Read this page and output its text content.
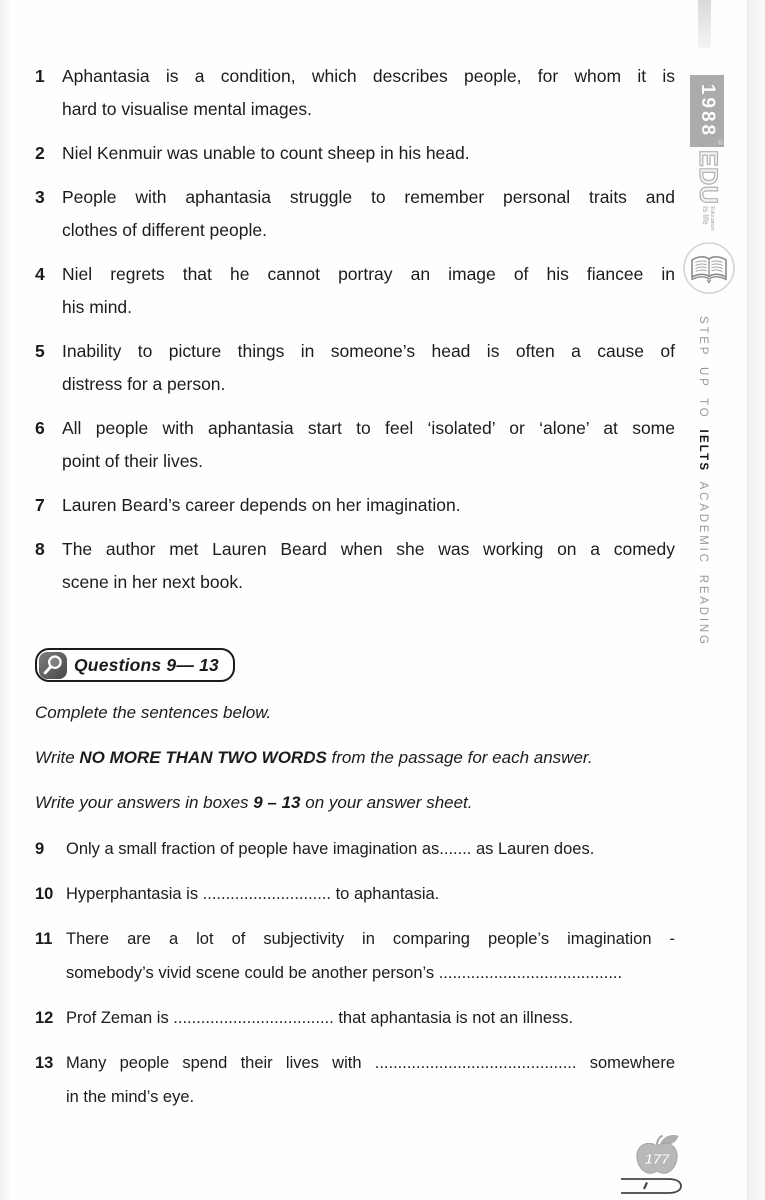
1 Aphantasia is a condition, which describes people, for whom it is
hard to visualise mental images.
2 Niel Kenmuir was unable to count sheep in his head.
3 People with aphantasia struggle to remember personal traits and
clothes of different people.
4 Niel regrets that he cannot portray an image of his fiancee in
his mind.
5 Inability to picture things in someone’s head is often a cause of
distress for a person.
6 All people with aphantasia start to feel ‘isolated’ or ‘alone’ at some
point of their lives.
7 Lauren Beard’s career depends on her imagination.
8 The author met Lauren Beard when she was working on a comedy
scene in her next book.
Questions 9— 13

Complete the sentences below.

Write NO MORE THAN TWO WORDS from the passage for each answer.

Write your answers in boxes 9 – 13 on your answer sheet.

9	Only a small fraction of people have imagination as....... as Lauren does.
10 Hyperphantasia is ............................ to aphantasia.
11 There are a lot of subjectivity in comparing people’s imagination -
somebody’s vivid scene could be another person’s ........................................
12 Prof Zeman is ................................... that aphantasia is not an illness.
13 Many people spend their lives with ............................................ somewhere
in the mind’s eye.
1988
®
EDU
Education
is life
STEP UP TO IELTS ACADEMIC READING
177
